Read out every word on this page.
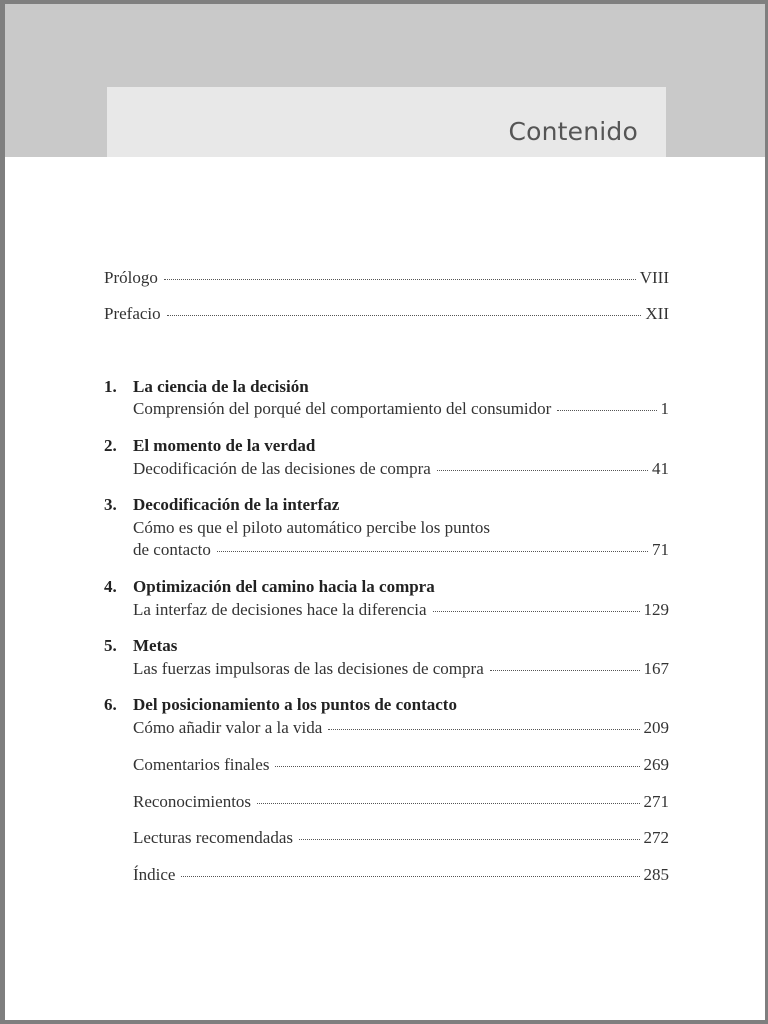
Contenido
Prólogo	VIII
Prefacio	XII
1. La ciencia de la decisión
Comprensión del porqué del comportamiento del consumidor	1
2. El momento de la verdad
Decodificación de las decisiones de compra	41
3. Decodificación de la interfaz
Cómo es que el piloto automático percibe los puntos
de contacto	71
4. Optimización del camino hacia la compra
La interfaz de decisiones hace la diferencia	129
5. Metas
Las fuerzas impulsoras de las decisiones de compra	167
6. Del posicionamiento a los puntos de contacto
Cómo añadir valor a la vida	209
Comentarios finales	269
Reconocimientos	271
Lecturas recomendadas	272
Índice	285
